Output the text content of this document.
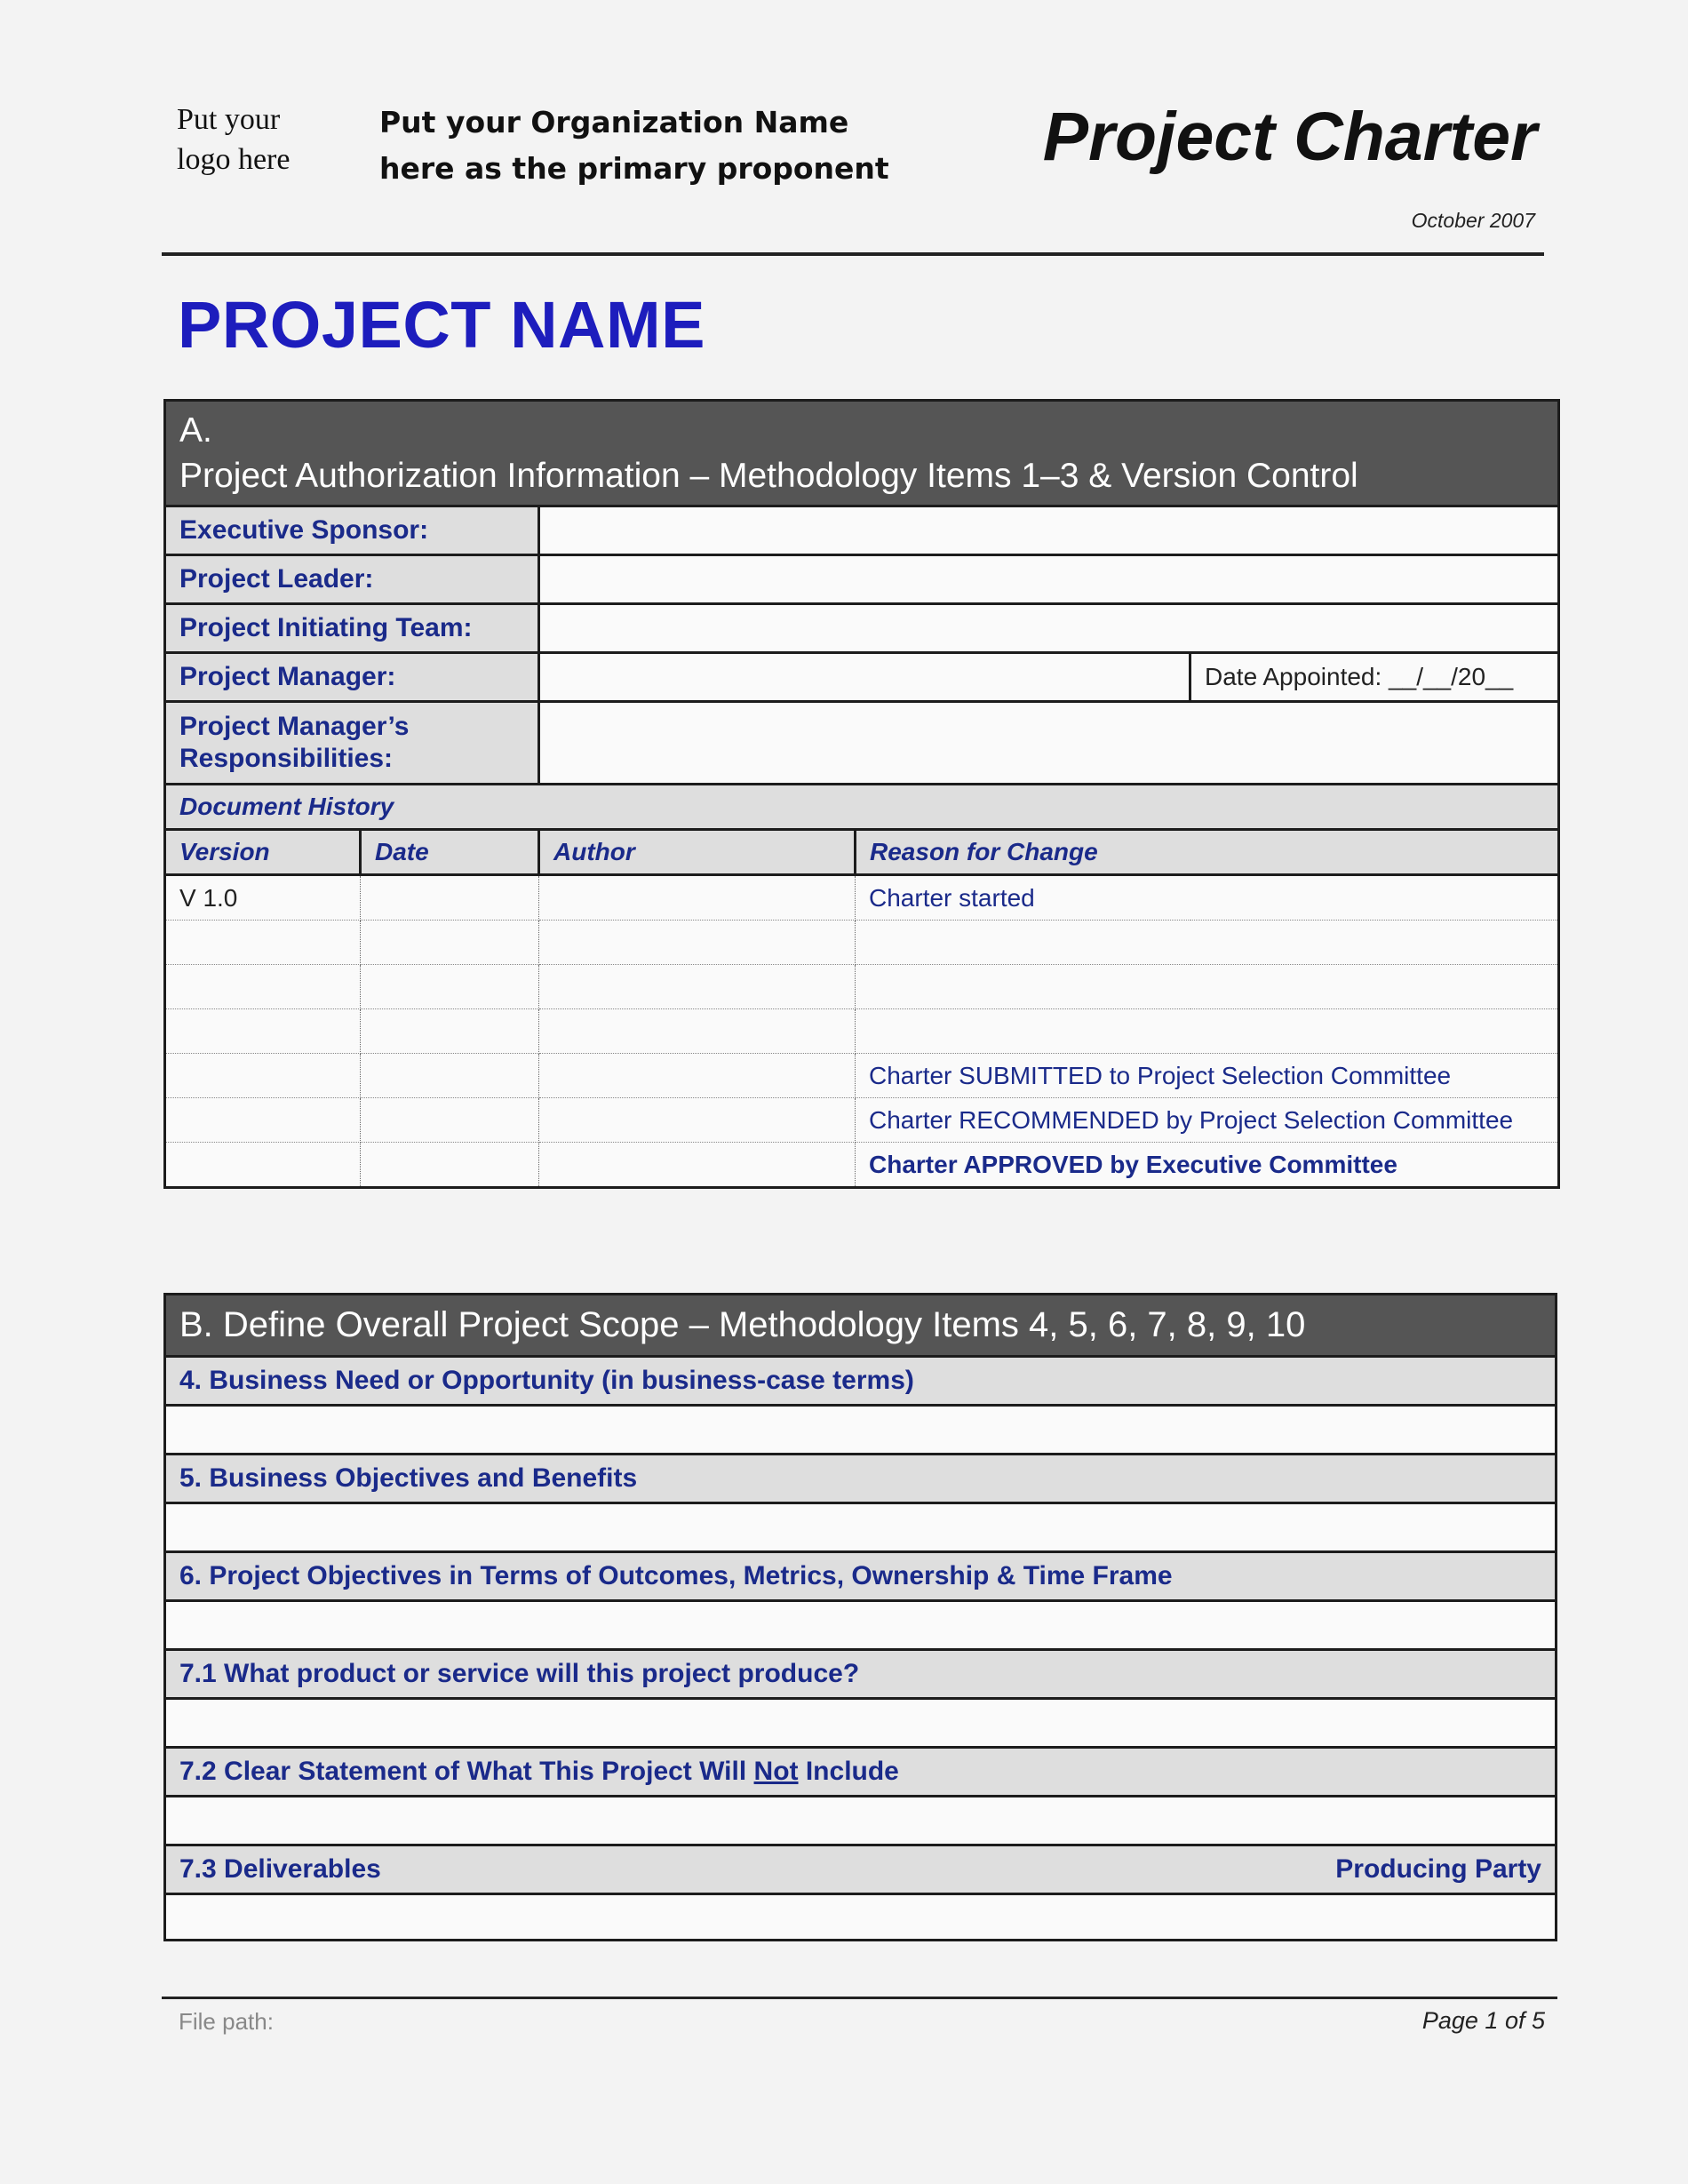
Put your
logo here
Put your Organization Name
here as the primary proponent	Project Charter
October 2007
PROJECT NAME
A.
Project Authorization Information – Methodology Items 1–3 & Version Control				
Executive Sponsor:				
Project Leader:				
Project Initiating Team:				
Project Manager:				Date Appointed: __/__/20__
Project Manager’s Responsibilities:				
Document History				
Version	Date	Author	Reason for Change	
V 1.0			Charter started	

			Charter SUBMITTED to Project Selection Committee	
			Charter RECOMMENDED by Project Selection Committee	
			Charter APPROVED by Executive Committee	
B. Define Overall Project Scope – Methodology Items 4, 5, 6, 7, 8, 9, 10
4. Business Need or Opportunity (in business-case terms)

5. Business Objectives and Benefits

6. Project Objectives in Terms of Outcomes, Metrics, Ownership & Time Frame

7.1 What product or service will this project produce?

7.2 Clear Statement of What This Project Will Not Include

7.3 Deliverables	Producing Party

File path:	Page 1 of 5
